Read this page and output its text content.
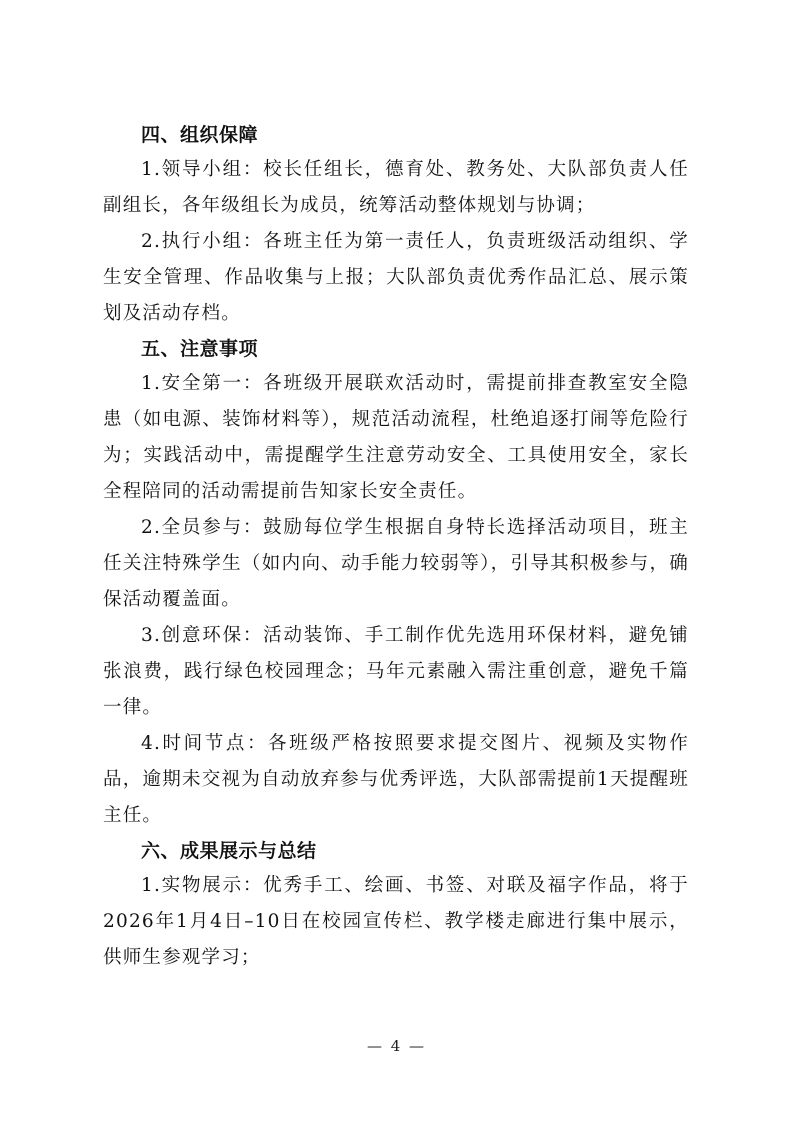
四、组织保障

1.领导小组：校长任组长，德育处、教务处、大队部负责人任副组长，各年级组长为成员，统筹活动整体规划与协调；

2.执行小组：各班主任为第一责任人，负责班级活动组织、学生安全管理、作品收集与上报；大队部负责优秀作品汇总、展示策划及活动存档。

五、注意事项

1.安全第一：各班级开展联欢活动时，需提前排查教室安全隐患（如电源、装饰材料等），规范活动流程，杜绝追逐打闹等危险行为；实践活动中，需提醒学生注意劳动安全、工具使用安全，家长全程陪同的活动需提前告知家长安全责任。

2.全员参与：鼓励每位学生根据自身特长选择活动项目，班主任关注特殊学生（如内向、动手能力较弱等），引导其积极参与，确保活动覆盖面。

3.创意环保：活动装饰、手工制作优先选用环保材料，避免铺张浪费，践行绿色校园理念；马年元素融入需注重创意，避免千篇一律。

4.时间节点：各班级严格按照要求提交图片、视频及实物作品，逾期未交视为自动放弃参与优秀评选，大队部需提前1天提醒班主任。

六、成果展示与总结

1.实物展示：优秀手工、绘画、书签、对联及福字作品，将于2026年1月4日–10日在校园宣传栏、教学楼走廊进行集中展示，供师生参观学习；

— 4 —
